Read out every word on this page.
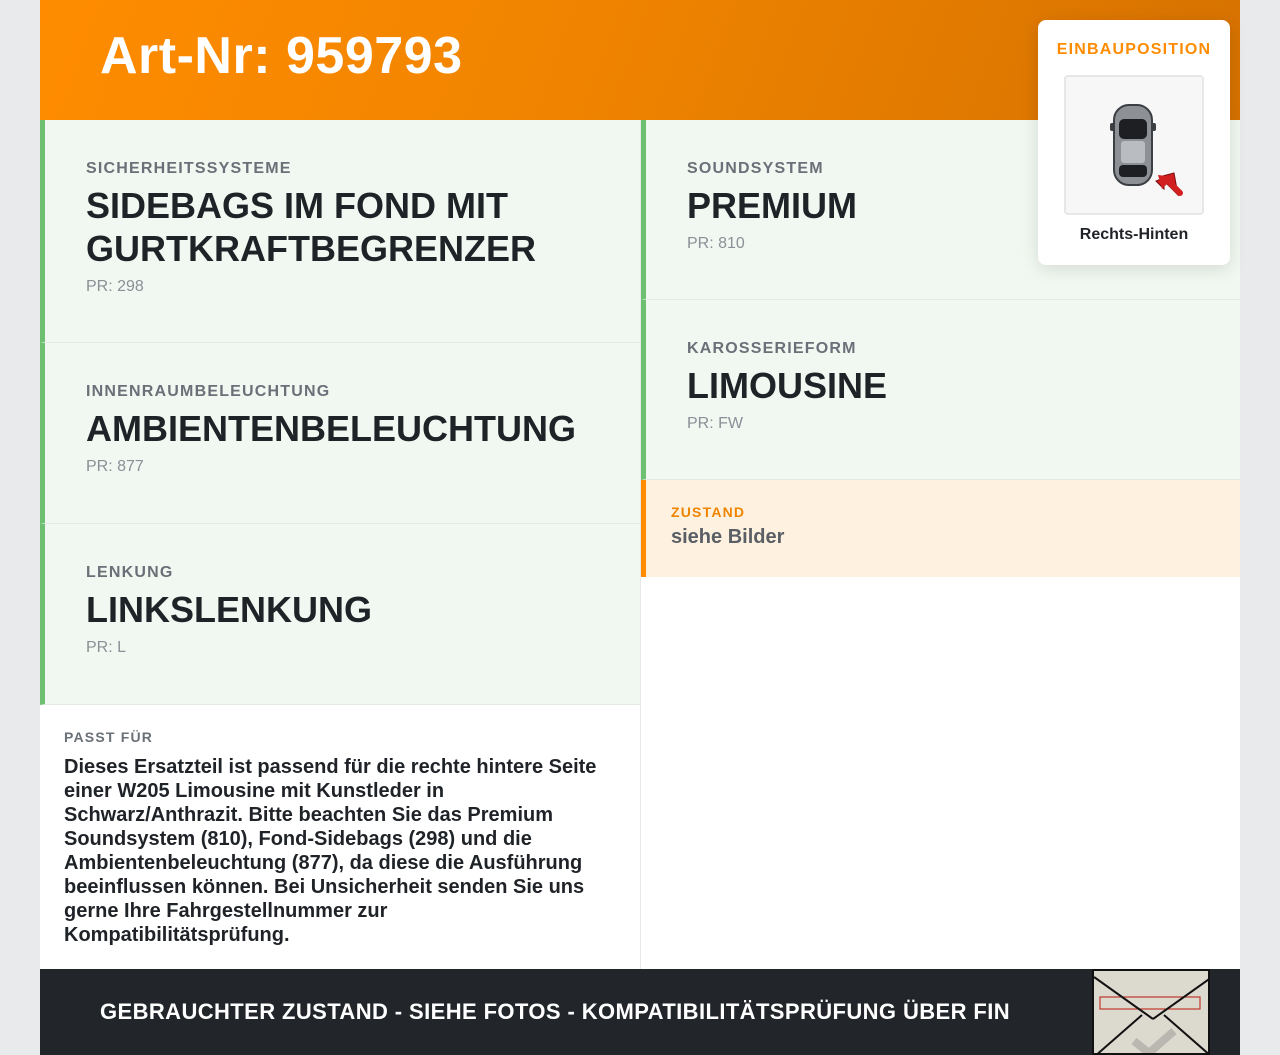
Art-Nr: 959793
SICHERHEITSSYSTEME
SIDEBAGS IM FOND MIT GURTKRAFTBEGRENZER
PR: 298
INNENRAUMBELEUCHTUNG
AMBIENTENBELEUCHTUNG
PR: 877
LENKUNG
LINKSLENKUNG
PR: L
PASST FÜR
Dieses Ersatzteil ist passend für die rechte hintere Seite einer W205 Limousine mit Kunstleder in Schwarz/Anthrazit. Bitte beachten Sie das Premium Soundsystem (810), Fond-Sidebags (298) und die Ambientenbeleuchtung (877), da diese die Ausführung beeinflussen können. Bei Unsicherheit senden Sie uns gerne Ihre Fahrgestellnummer zur Kompatibilitätsprüfung.
SOUNDSYSTEM
PREMIUM
PR: 810
KAROSSERIEFORM
LIMOUSINE
PR: FW
ZUSTAND
siehe Bilder
GEBRAUCHTER ZUSTAND - SIEHE FOTOS - KOMPATIBILITÄTSPRÜFUNG ÜBER FIN
EINBAUPOSITION
Rechts-Hinten
